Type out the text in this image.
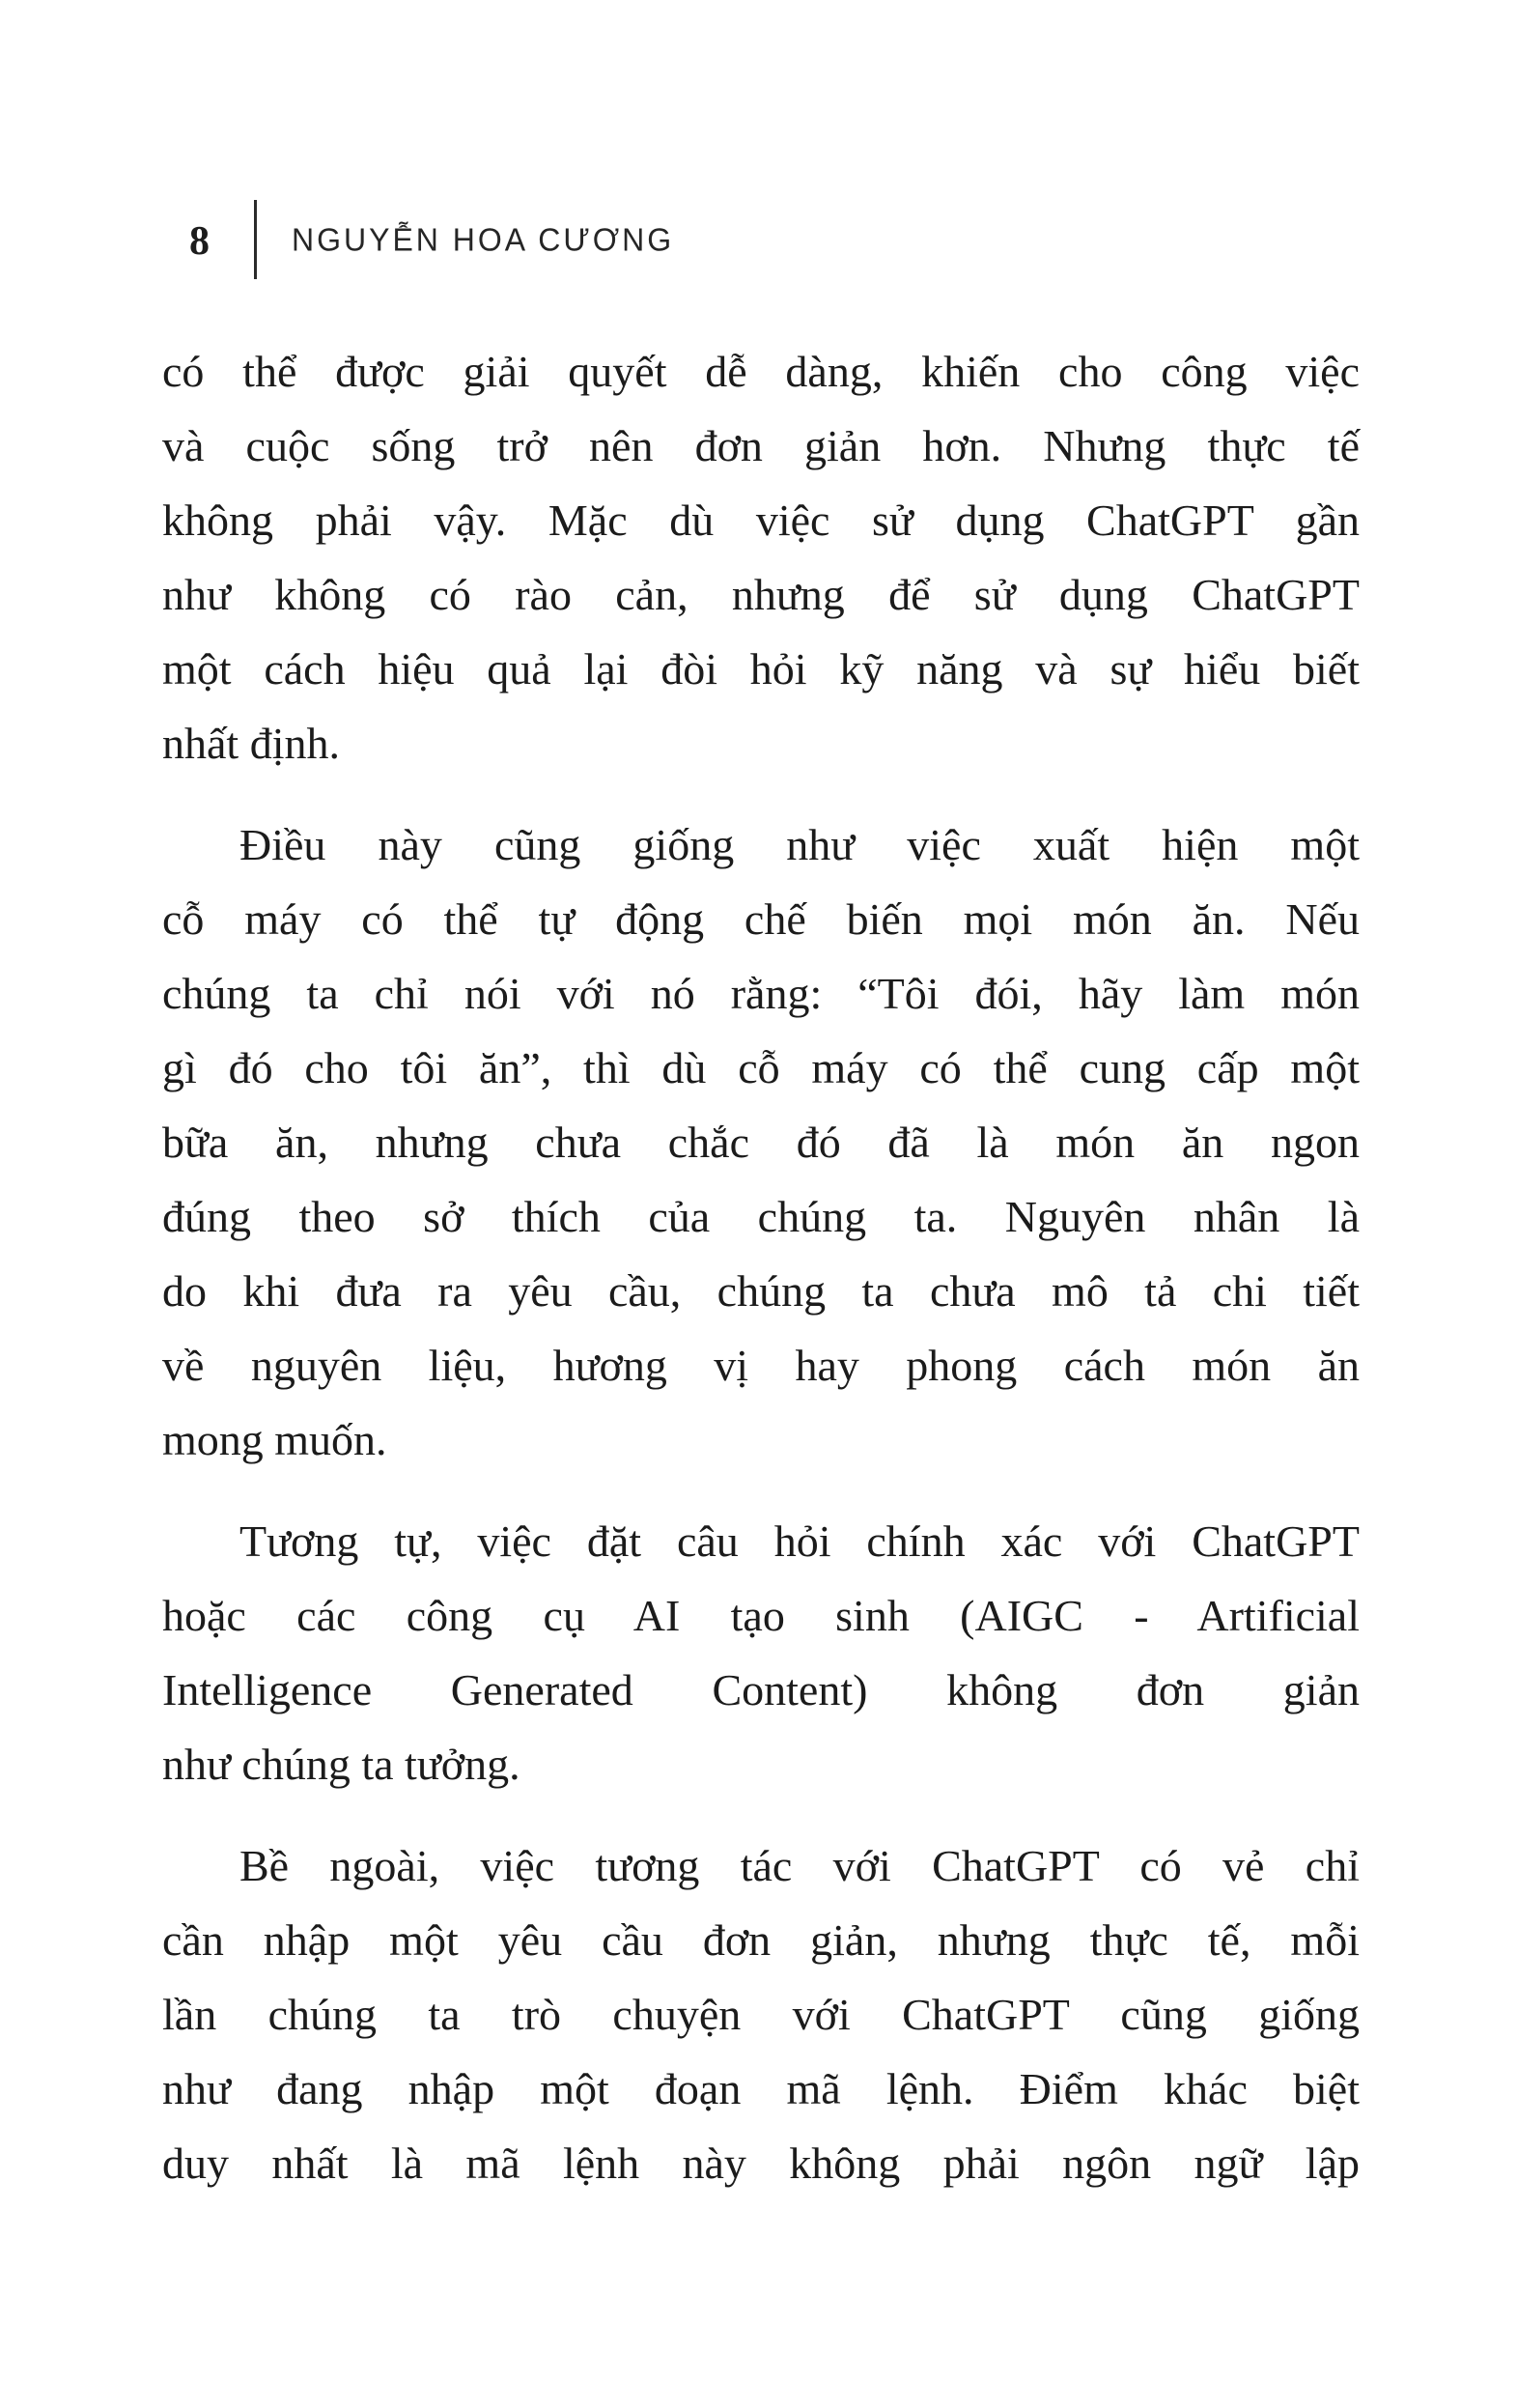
8	NGUYỄN HOA CƯƠNG
có thể được giải quyết dễ dàng, khiến cho công việc
và cuộc sống trở nên đơn giản hơn. Nhưng thực tế
không phải vậy. Mặc dù việc sử dụng ChatGPT gần
như không có rào cản, nhưng để sử dụng ChatGPT
một cách hiệu quả lại đòi hỏi kỹ năng và sự hiểu biết
nhất định.
Điều này cũng giống như việc xuất hiện một
cỗ máy có thể tự động chế biến mọi món ăn. Nếu
chúng ta chỉ nói với nó rằng: “Tôi đói, hãy làm món
gì đó cho tôi ăn”, thì dù cỗ máy có thể cung cấp một
bữa ăn, nhưng chưa chắc đó đã là món ăn ngon
đúng theo sở thích của chúng ta. Nguyên nhân là
do khi đưa ra yêu cầu, chúng ta chưa mô tả chi tiết
về nguyên liệu, hương vị hay phong cách món ăn
mong muốn.
Tương tự, việc đặt câu hỏi chính xác với ChatGPT
hoặc các công cụ AI tạo sinh (AIGC - Artificial
Intelligence Generated Content) không đơn giản
như chúng ta tưởng.
Bề ngoài, việc tương tác với ChatGPT có vẻ chỉ
cần nhập một yêu cầu đơn giản, nhưng thực tế, mỗi
lần chúng ta trò chuyện với ChatGPT cũng giống
như đang nhập một đoạn mã lệnh. Điểm khác biệt
duy nhất là mã lệnh này không phải ngôn ngữ lập
